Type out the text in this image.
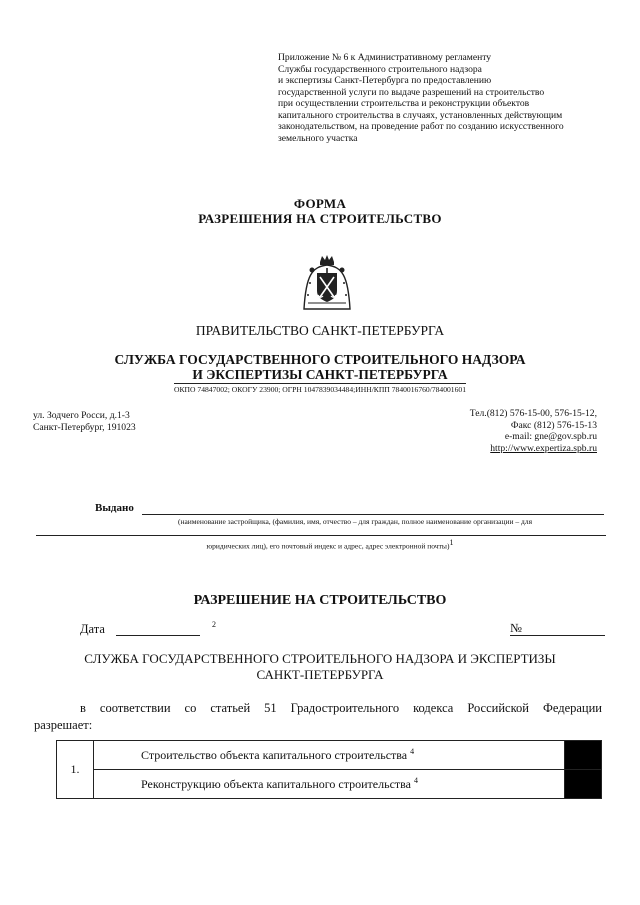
Приложение № 6 к Административному регламенту
Службы государственного строительного надзора
и экспертизы Санкт-Петербурга по предоставлению
государственной услуги по выдаче разрешений на строительство
при осуществлении строительства и реконструкции объектов
капитального строительства в случаях, установленных действующим
законодательством, на проведение работ по созданию искусственного
земельного участка
ФОРМА
РАЗРЕШЕНИЯ НА СТРОИТЕЛЬСТВО
ПРАВИТЕЛЬСТВО САНКТ-ПЕТЕРБУРГА
СЛУЖБА ГОСУДАРСТВЕННОГО СТРОИТЕЛЬНОГО НАДЗОРА
И ЭКСПЕРТИЗЫ САНКТ-ПЕТЕРБУРГА
ОКПО 74847002; ОКОГУ 23900; ОГРН 1047839034484;ИНН/КПП 7840016760/784001601
ул. Зодчего Росси, д.1-3
Санкт-Петербург, 191023
Тел.(812) 576-15-00, 576-15-12,
Факс (812) 576-15-13
e-mail: gne@gov.spb.ru
http://www.expertiza.spb.ru
Выдано
(наименование застройщика, (фамилия, имя, отчество – для граждан, полное наименование организации – для
юридических лиц), его почтовый индекс и адрес, адрес электронной почты)1
РАЗРЕШЕНИЕ НА СТРОИТЕЛЬСТВО
Дата	2	№
СЛУЖБА ГОСУДАРСТВЕННОГО СТРОИТЕЛЬНОГО НАДЗОРА И ЭКСПЕРТИЗЫ
САНКТ-ПЕТЕРБУРГА
в соответствии со статьей 51 Градостроительного кодекса Российской Федерации
разрешает:
1.	Строительство объекта капитального строительства $^4$	
	Реконструкцию объекта капитального строительства $^4$	
